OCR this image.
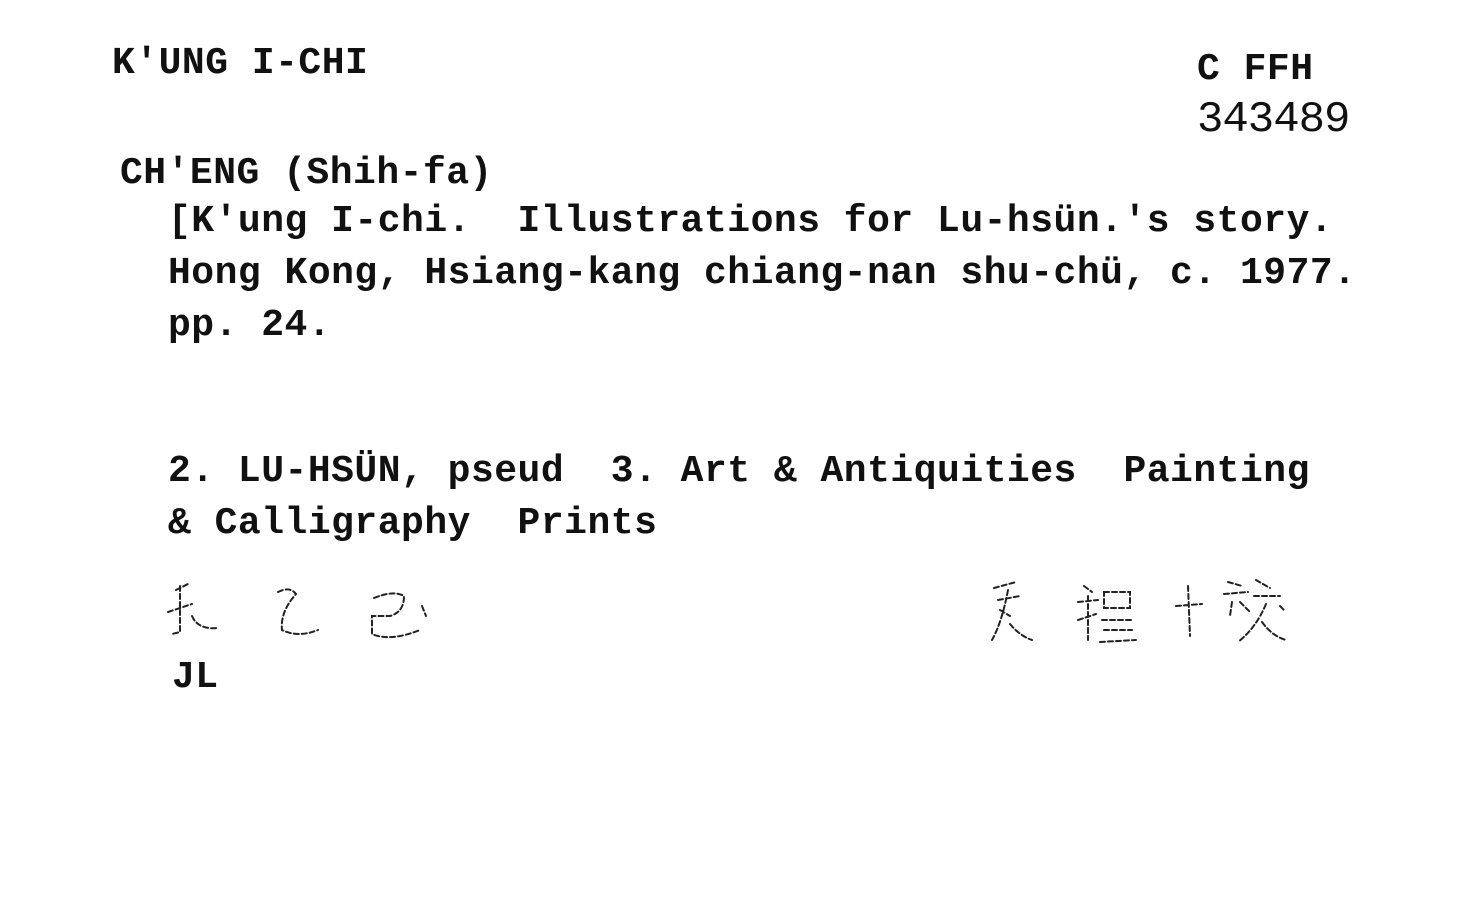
K'UNG I-CHI	C FFH
343489
CH'ENG (Shih-fa)
[K'ung I-chi.  Illustrations for Lu-hsün.'s story.
Hong Kong, Hsiang-kang chiang-nan shu-chü, c. 1977.
pp. 24.
2. LU-HSÜN, pseud  3. Art & Antiquities  Painting
& Calligraphy  Prints
JL
